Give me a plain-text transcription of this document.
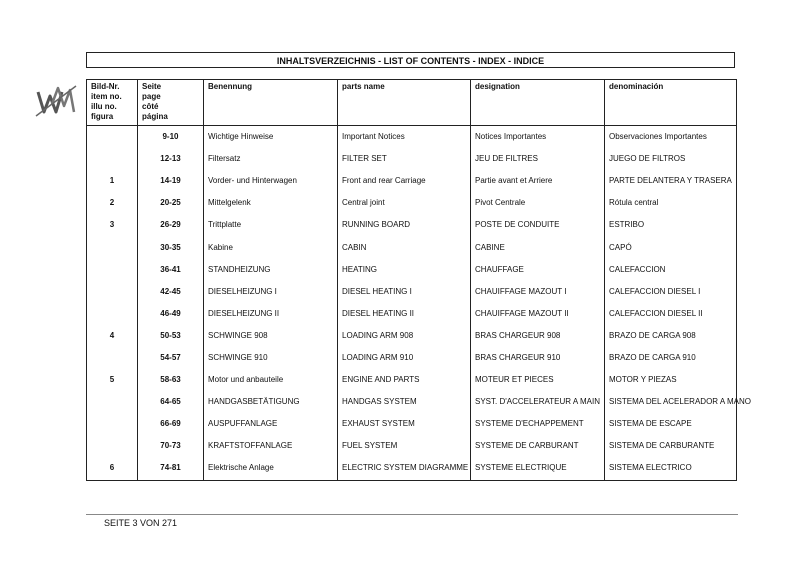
INHALTSVERZEICHNIS - LIST OF CONTENTS - INDEX - INDICE
Bild-Nr.
item no.
illu no.
figura	Seite
page
côté
página	Benennung	parts name	designation	denominación
	9-10	Wichtige Hinweise	Important Notices	Notices Importantes	Observaciones Importantes
	12-13	Filtersatz	FILTER SET	JEU DE FILTRES	JUEGO DE FILTROS
1	14-19	Vorder- und Hinterwagen	Front and rear Carriage	Partie avant et Arriere	PARTE DELANTERA Y TRASERA
2	20-25	Mittelgelenk	Central joint	Pivot Centrale	Rótula central
3	26-29	Trittplatte	RUNNING BOARD	POSTE DE CONDUITE	ESTRIBO
	30-35	Kabine	CABIN	CABINE	CAPÓ
	36-41	STANDHEIZUNG	HEATING	CHAUFFAGE	CALEFACCION
	42-45	DIESELHEIZUNG I	DIESEL HEATING I	CHAUIFFAGE MAZOUT I	CALEFACCION DIESEL I
	46-49	DIESELHEIZUNG II	DIESEL HEATING II	CHAUIFFAGE MAZOUT II	CALEFACCION DIESEL II
4	50-53	SCHWINGE 908	LOADING ARM 908	BRAS CHARGEUR 908	BRAZO DE CARGA 908
	54-57	SCHWINGE 910	LOADING ARM 910	BRAS CHARGEUR 910	BRAZO DE CARGA 910
5	58-63	Motor und anbauteile	ENGINE AND PARTS	MOTEUR ET PIECES	MOTOR Y PIEZAS
	64-65	HANDGASBETÄTIGUNG	HANDGAS SYSTEM	SYST. D'ACCELERATEUR A MAIN	SISTEMA DEL ACELERADOR A MANO
	66-69	AUSPUFFANLAGE	EXHAUST SYSTEM	SYSTEME D'ECHAPPEMENT	SISTEMA DE ESCAPE
	70-73	KRAFTSTOFFANLAGE	FUEL SYSTEM	SYSTEME DE CARBURANT	SISTEMA DE CARBURANTE
6	74-81	Elektrische Anlage	ELECTRIC SYSTEM DIAGRAMME	SYSTEME ELECTRIQUE	SISTEMA ELECTRICO
SEITE 3 VON 271
